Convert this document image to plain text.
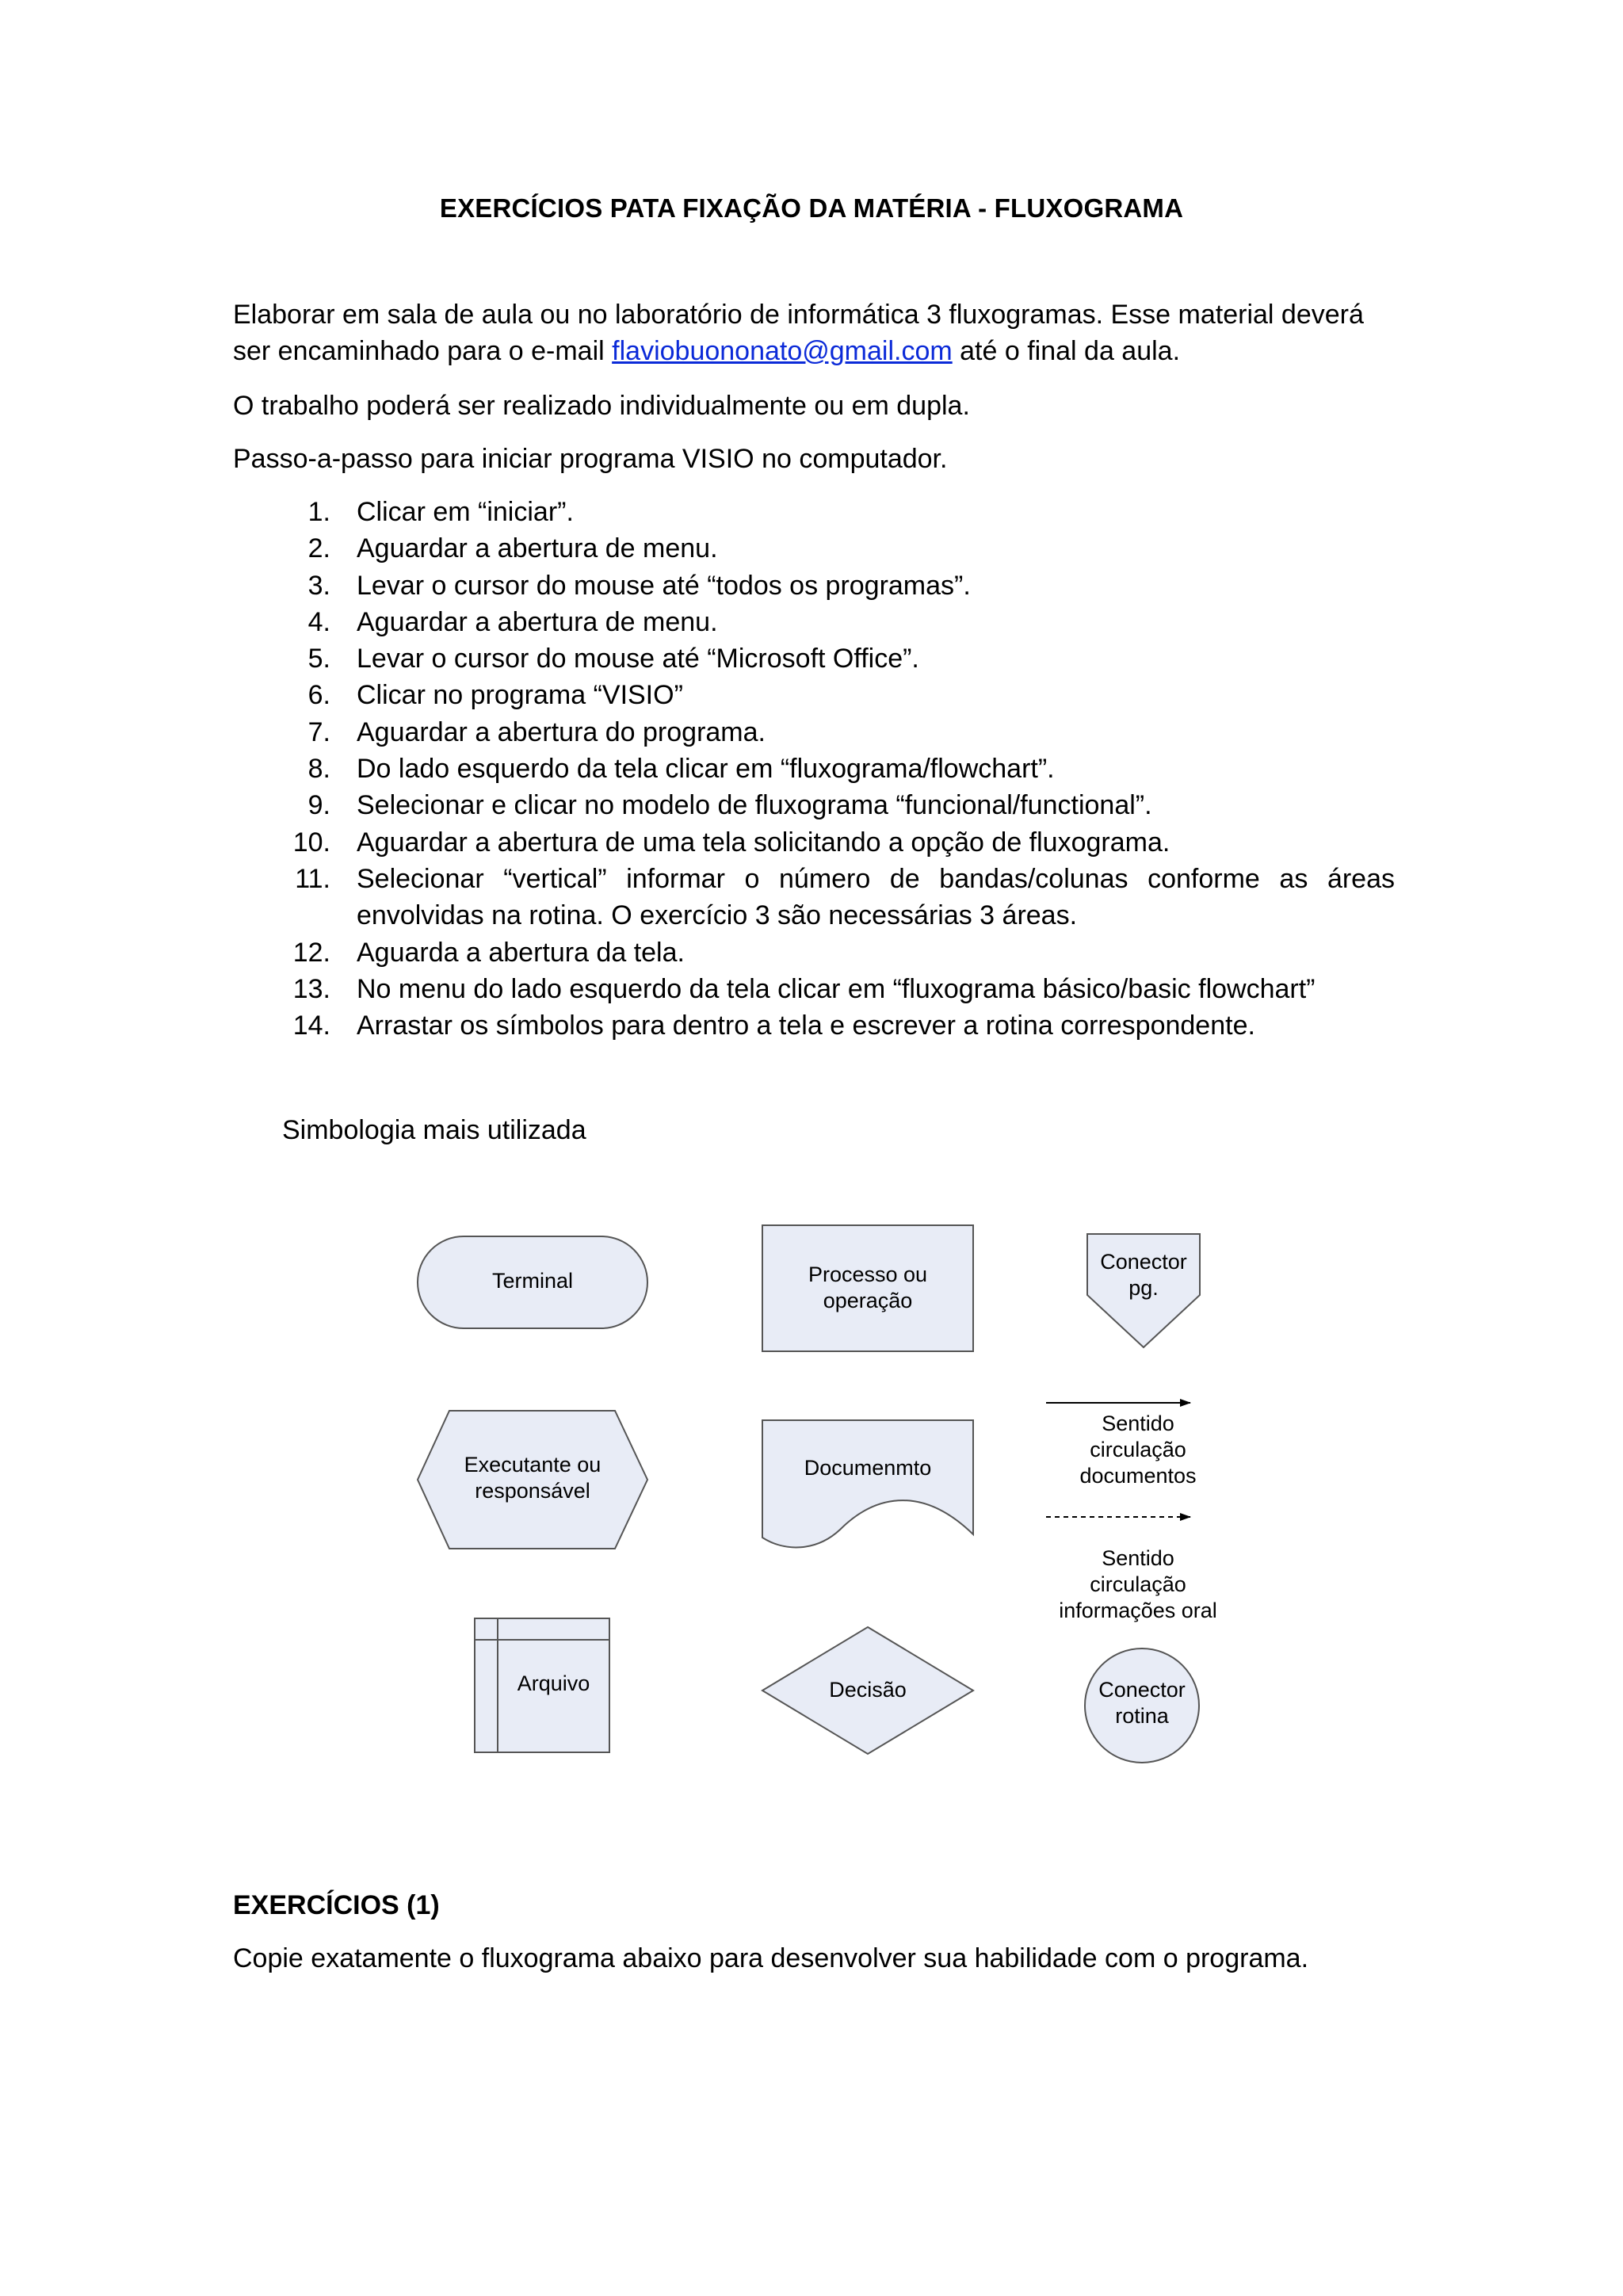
EXERCÍCIOS PATA FIXAÇÃO DA MATÉRIA - FLUXOGRAMA

Elaborar em sala de aula ou no laboratório de informática 3 fluxogramas. Esse material deverá ser encaminhado para o e-mail flaviobuononato@gmail.com até o final da aula.

O trabalho poderá ser realizado individualmente ou em dupla.

Passo-a-passo para iniciar programa VISIO no computador.

1. Clicar em “iniciar”.
2. Aguardar a abertura de menu.
3. Levar o cursor do mouse até “todos os programas”.
4. Aguardar a abertura de menu.
5. Levar o cursor do mouse até “Microsoft Office”.
6. Clicar no programa “VISIO”
7. Aguardar a abertura do programa.
8. Do lado esquerdo da tela clicar em “fluxograma/flowchart”.
9. Selecionar e clicar no modelo de fluxograma “funcional/functional”.
10. Aguardar a abertura de uma tela solicitando a opção de fluxograma.
11. Selecionar “vertical” informar o número de bandas/colunas conforme as áreas envolvidas na rotina. O exercício 3 são necessárias 3 áreas.
12. Aguarda a abertura da tela.
13. No menu do lado esquerdo da tela clicar em “fluxograma básico/basic flowchart”
14. Arrastar os símbolos para dentro a tela e escrever a rotina correspondente.
Simbologia mais utilizada
Terminal	Processo ou
operação
Conector
pg.
Executante ou
responsável
Documenmto
Sentido
circulação
documentos
Sentido
circulação
informações oral
Arquivo	Decisão	Conector
rotina
EXERCÍCIOS (1)

Copie exatamente o fluxograma abaixo para desenvolver sua habilidade com o programa.
